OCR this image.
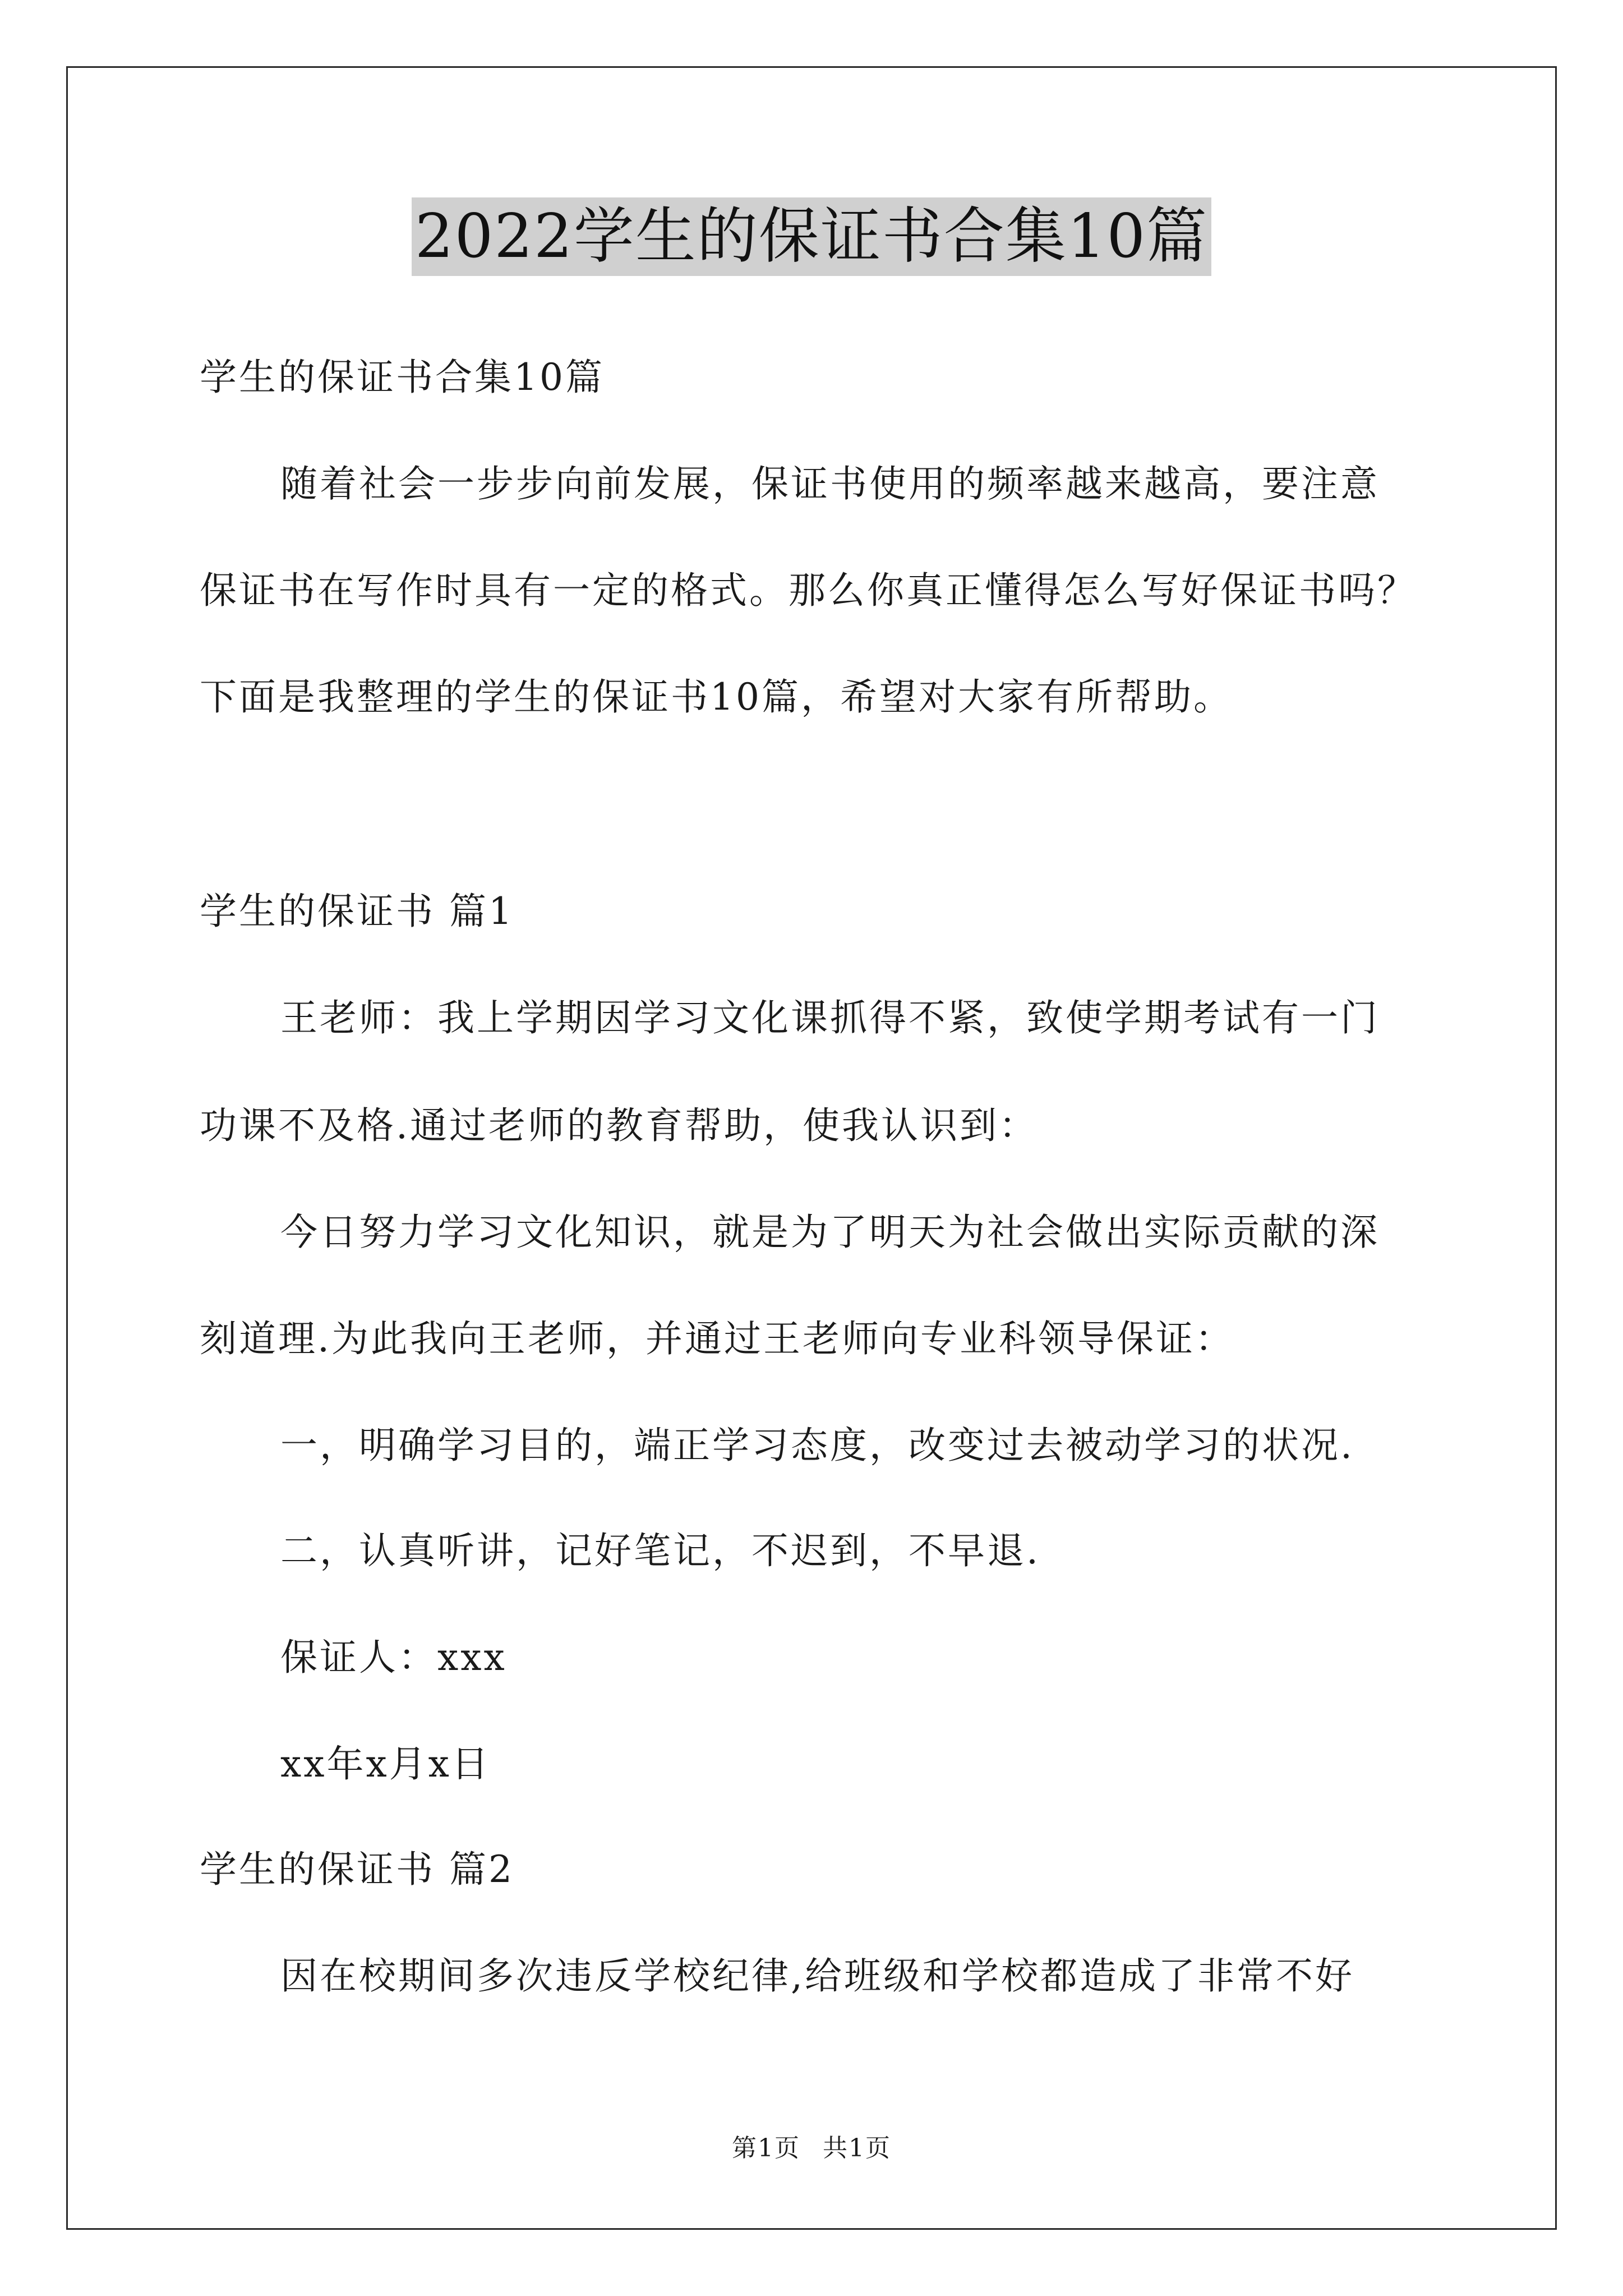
2022学生的保证书合集10篇
学生的保证书合集10篇
随着社会一步步向前发展，保证书使用的频率越来越高，要注意
保证书在写作时具有一定的格式。那么你真正懂得怎么写好保证书吗？
下面是我整理的学生的保证书10篇，希望对大家有所帮助。
学生的保证书 篇1
王老师：我上学期因学习文化课抓得不紧，致使学期考试有一门
功课不及格.通过老师的教育帮助，使我认识到：
今日努力学习文化知识，就是为了明天为社会做出实际贡献的深
刻道理.为此我向王老师，并通过王老师向专业科领导保证：
一，明确学习目的，端正学习态度，改变过去被动学习的状况.
二，认真听讲，记好笔记，不迟到，不早退.
保证人：xxx
xx年x月x日
学生的保证书 篇2
因在校期间多次违反学校纪律,给班级和学校都造成了非常不好
第1页 共1页
